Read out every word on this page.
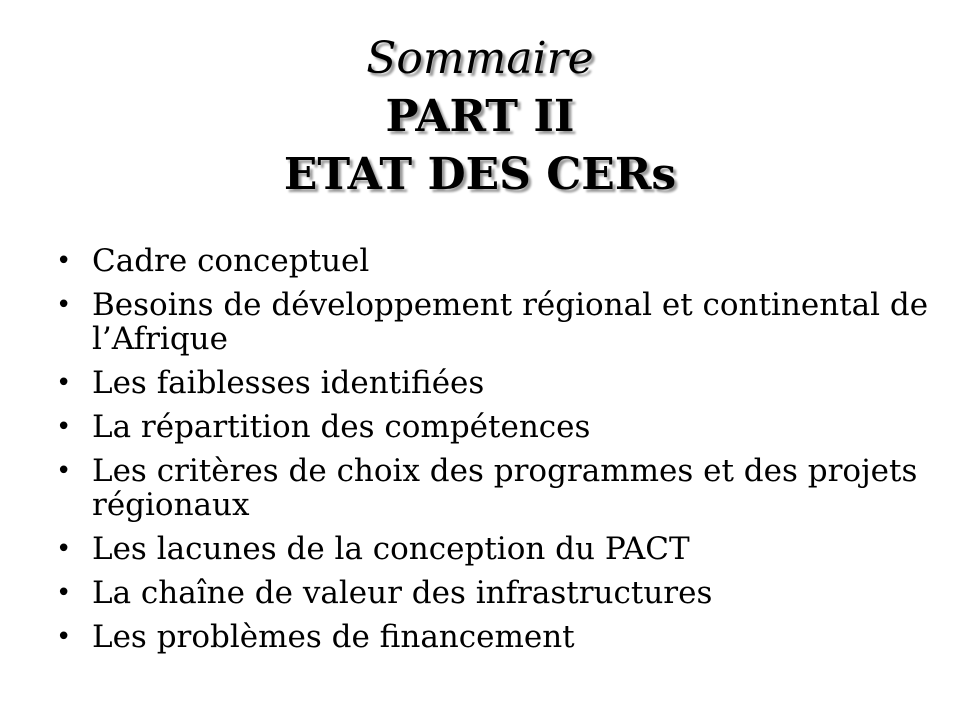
Sommaire
PART II
ETAT DES CERs
• Cadre conceptuel
• Besoins de développement régional et continental de l’Afrique
• Les faiblesses identifiées
• La répartition des compétences
• Les critères de choix des programmes et des projets régionaux
• Les lacunes de la conception du PACT
• La chaîne de valeur des infrastructures
• Les problèmes de financement
